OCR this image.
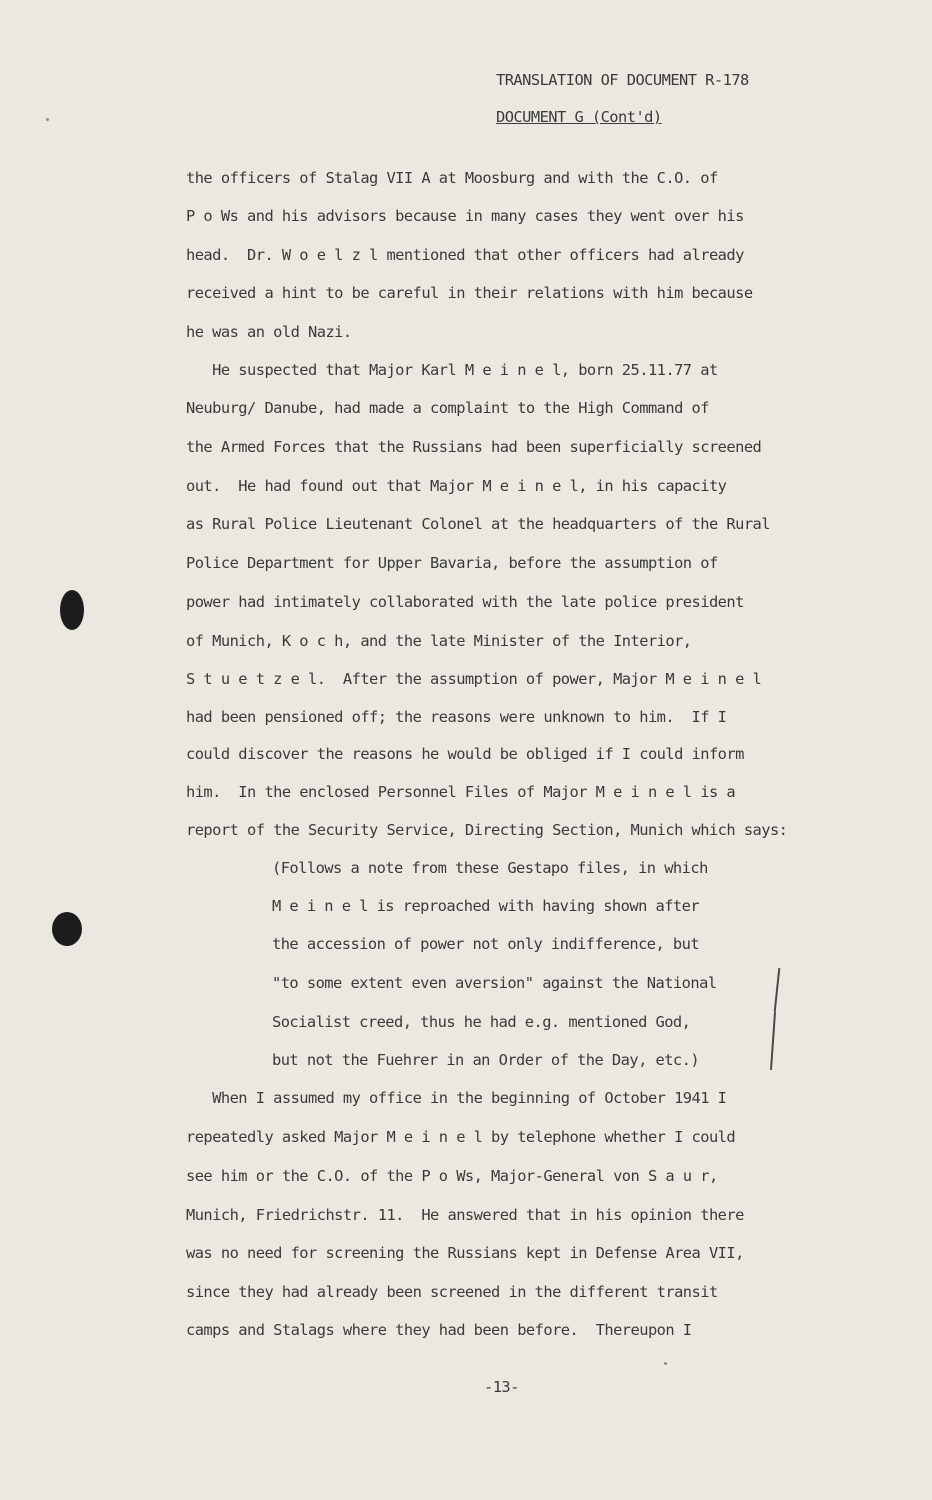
TRANSLATION OF DOCUMENT R-178
DOCUMENT G (Cont'd)
the officers of Stalag VII A at Moosburg and with the C.O. of
P o Ws and his advisors because in many cases they went over his
head.  Dr. W o e l z l mentioned that other officers had already
received a hint to be careful in their relations with him because
he was an old Nazi.
He suspected that Major Karl M e i n e l, born 25.11.77 at
Neuburg/ Danube, had made a complaint to the High Command of
the Armed Forces that the Russians had been superficially screened
out.  He had found out that Major M e i n e l, in his capacity
as Rural Police Lieutenant Colonel at the headquarters of the Rural
Police Department for Upper Bavaria, before the assumption of
power had intimately collaborated with the late police president
of Munich, K o c h, and the late Minister of the Interior,
S t u e t z e l.  After the assumption of power, Major M e i n e l
had been pensioned off; the reasons were unknown to him.  If I
could discover the reasons he would be obliged if I could inform
him.  In the enclosed Personnel Files of Major M e i n e l is a
report of the Security Service, Directing Section, Munich which says:
(Follows a note from these Gestapo files, in which
M e i n e l is reproached with having shown after
the accession of power not only indifference, but
"to some extent even aversion" against the National
Socialist creed, thus he had e.g. mentioned God,
but not the Fuehrer in an Order of the Day, etc.)
When I assumed my office in the beginning of October 1941 I
repeatedly asked Major M e i n e l by telephone whether I could
see him or the C.O. of the P o Ws, Major-General von S a u r,
Munich, Friedrichstr. 11.  He answered that in his opinion there
was no need for screening the Russians kept in Defense Area VII,
since they had already been screened in the different transit
camps and Stalags where they had been before.  Thereupon I
-13-
